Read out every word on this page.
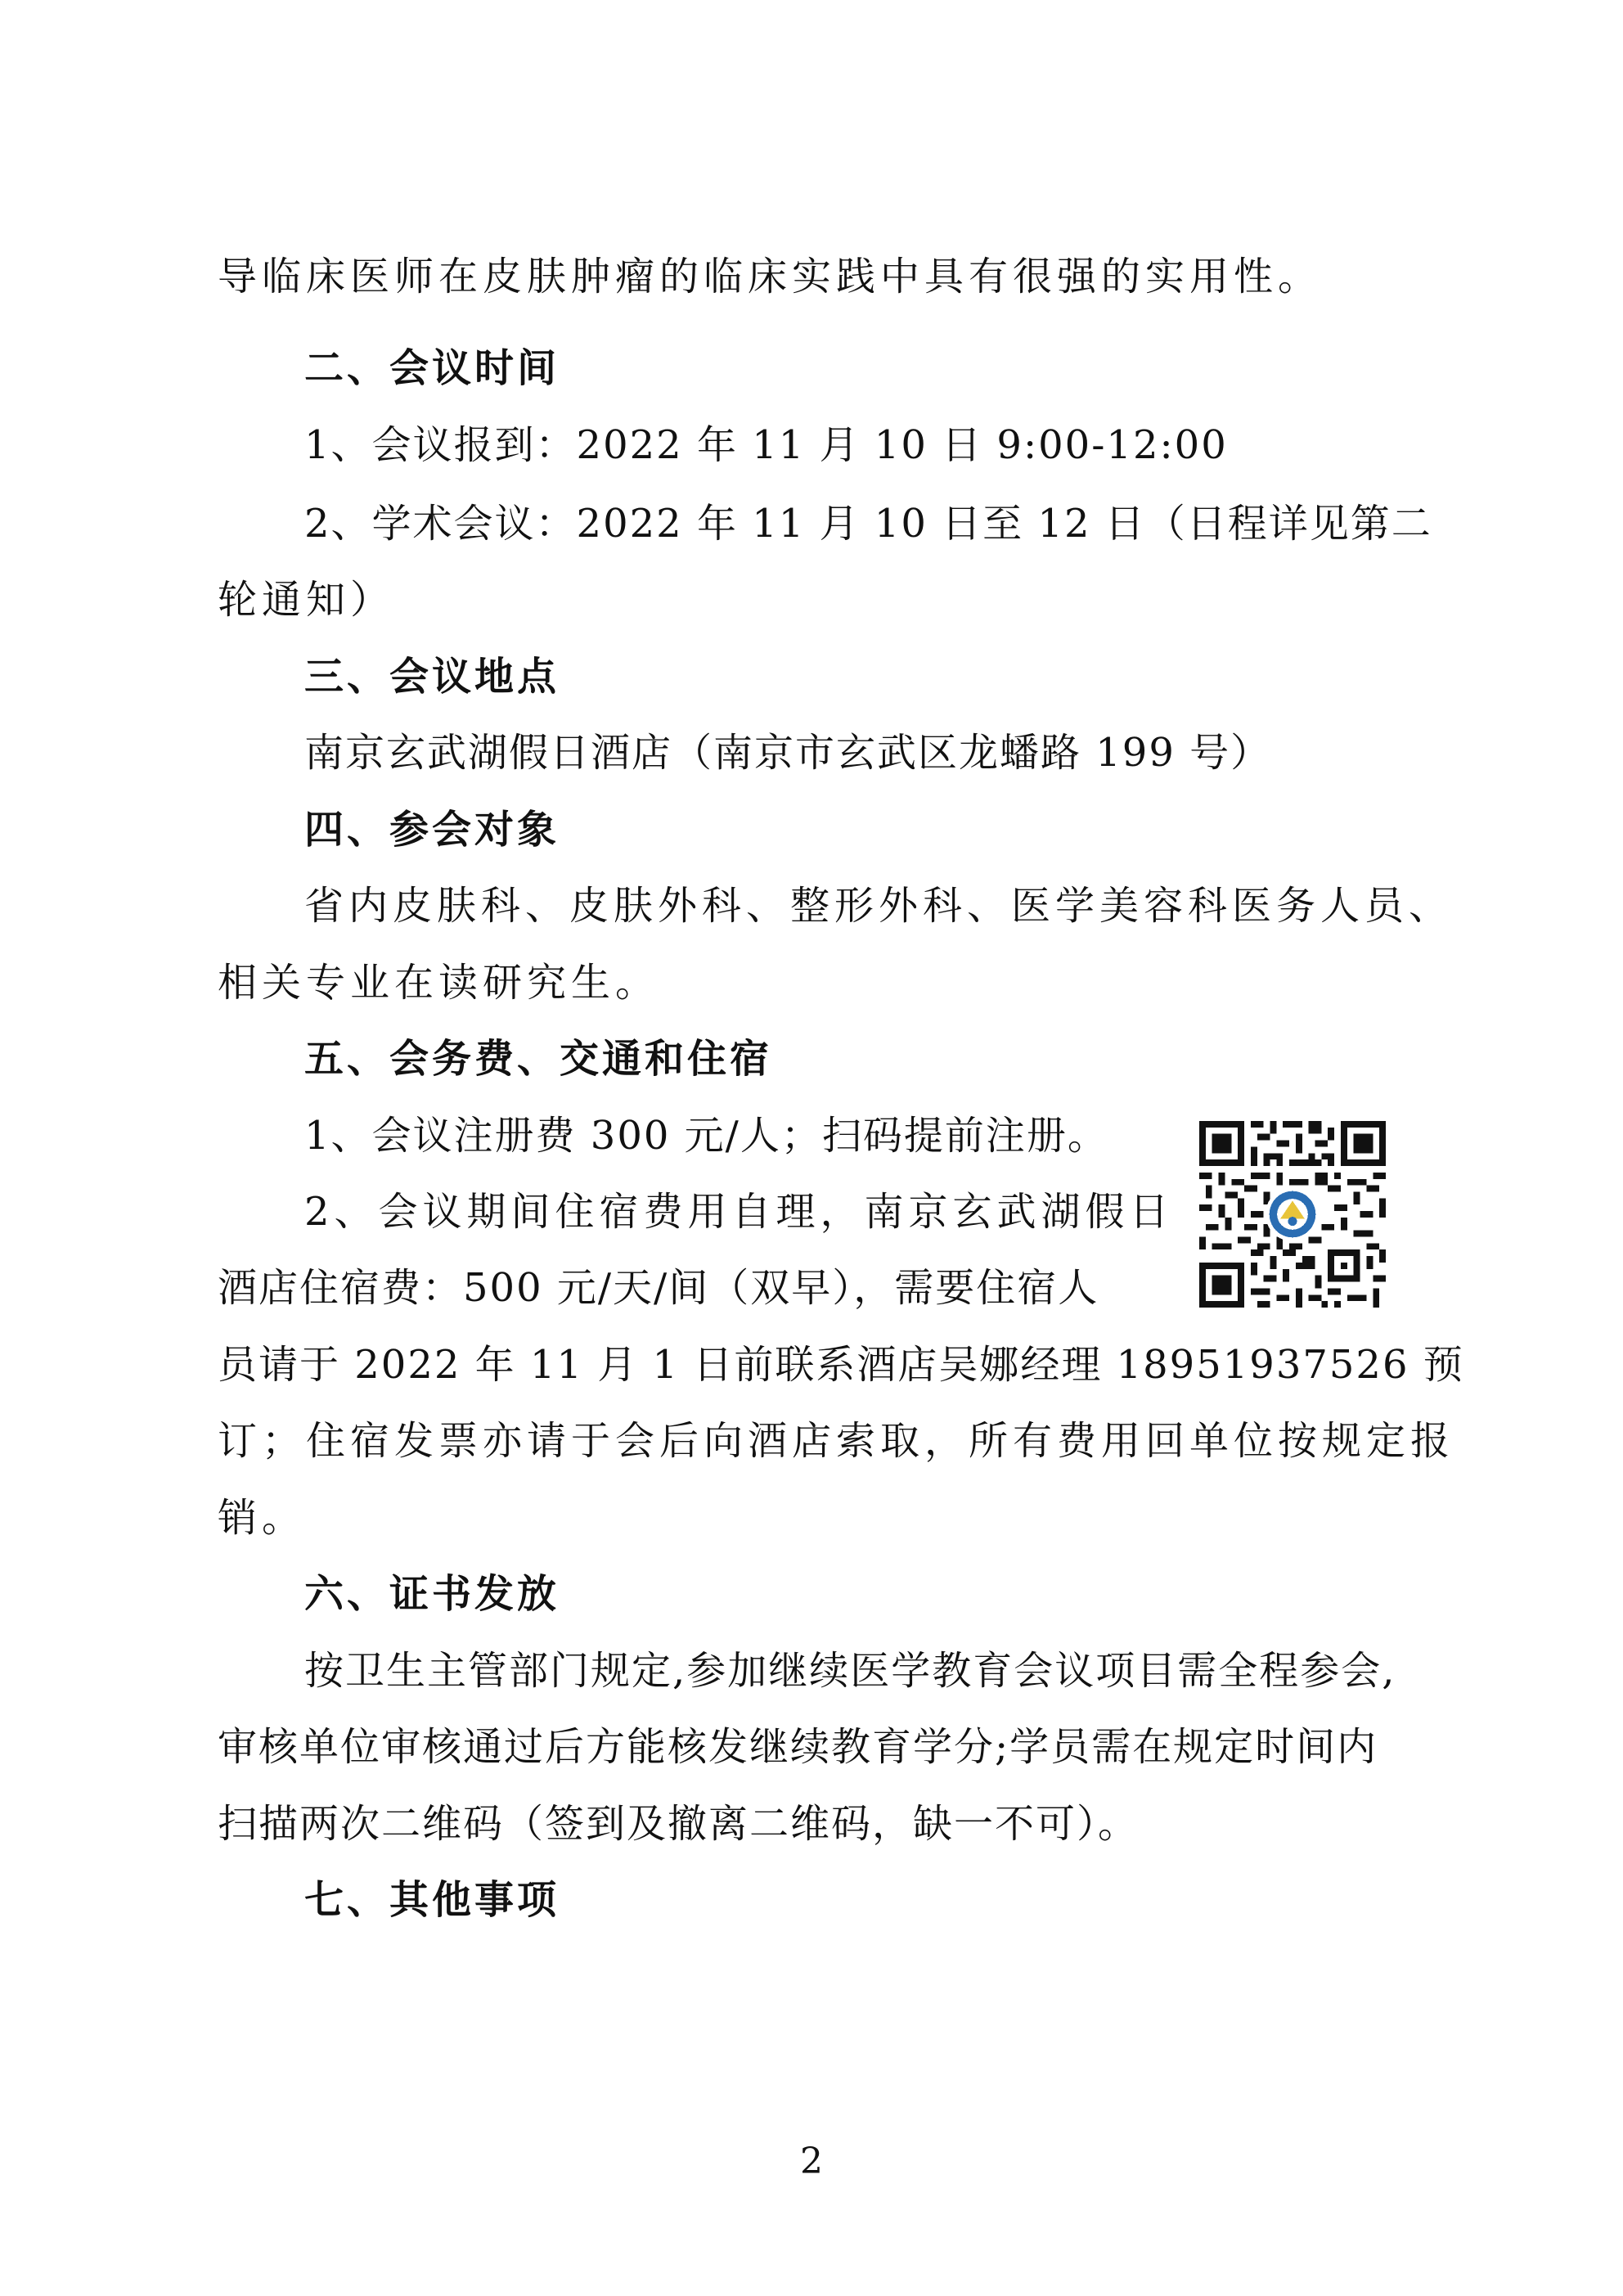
导临床医师在皮肤肿瘤的临床实践中具有很强的实用性。
二、会议时间
1、会议报到：2022 年 11 月 10 日 9:00-12:00
2、学术会议：2022 年 11 月 10 日至 12 日（日程详见第二
轮通知）
三、会议地点
南京玄武湖假日酒店（南京市玄武区龙蟠路 199 号）
四、参会对象
省内皮肤科、皮肤外科、整形外科、医学美容科医务人员、
相关专业在读研究生。
五、会务费、交通和住宿
1、会议注册费 300 元/人；扫码提前注册。
2、会议期间住宿费用自理，南京玄武湖假日
酒店住宿费：500 元/天/间（双早），需要住宿人
员请于 2022 年 11 月 1 日前联系酒店吴娜经理 18951937526 预
订；住宿发票亦请于会后向酒店索取，所有费用回单位按规定报
销。
六、证书发放
按卫生主管部门规定,参加继续医学教育会议项目需全程参会,
审核单位审核通过后方能核发继续教育学分;学员需在规定时间内
扫描两次二维码（签到及撤离二维码，缺一不可）。
七、其他事项
2
